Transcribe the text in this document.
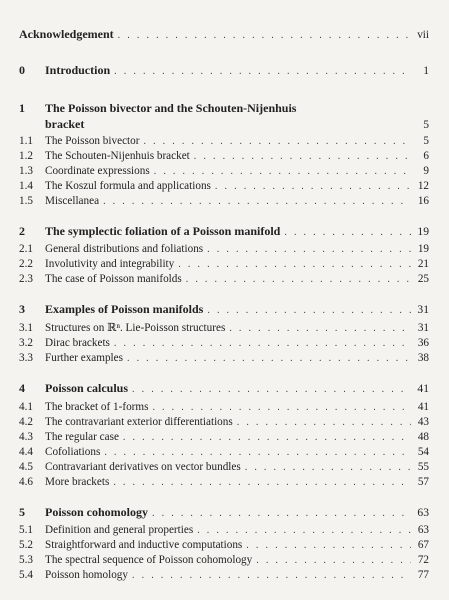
Acknowledgement . . .	vii
0 Introduction . . .	1
1 The Poisson bivector and the Schouten-Nijenhuis
bracket	5
1.1 The Poisson bivector . . .	5
1.2 The Schouten-Nijenhuis bracket . . .	6
1.3 Coordinate expressions . . .	9
1.4 The Koszul formula and applications . . .	12
1.5 Miscellanea . . .	16
2 The symplectic foliation of a Poisson manifold . . .	19
2.1 General distributions and foliations . . .	19
2.2 Involutivity and integrability . . .	21
2.3 The case of Poisson manifolds . . .	25
3 Examples of Poisson manifolds . . .	31
3.1 Structures on ℝⁿ. Lie-Poisson structures . . .	31
3.2 Dirac brackets . . .	36
3.3 Further examples . . .	38
4 Poisson calculus . . .	41
4.1 The bracket of 1-forms . . .	41
4.2 The contravariant exterior differentiations . . .	43
4.3 The regular case . . .	48
4.4 Cofoliations . . .	54
4.5 Contravariant derivatives on vector bundles . . .	55
4.6 More brackets . . .	57
5 Poisson cohomology . . .	63
5.1 Definition and general properties . . .	63
5.2 Straightforward and inductive computations . . .	67
5.3 The spectral sequence of Poisson cohomology . . .	72
5.4 Poisson homology . . .	77
